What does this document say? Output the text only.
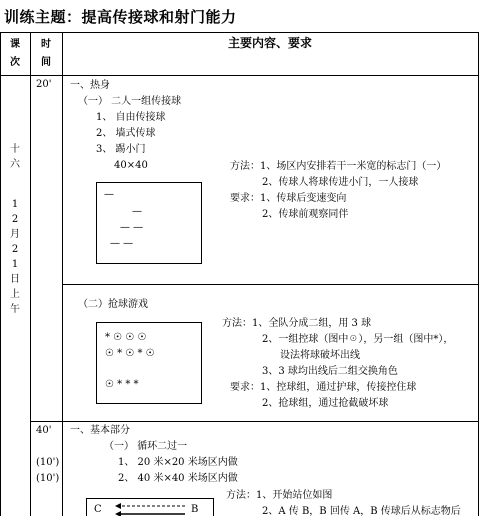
训练主题：提高传接球和射门能力
课次
时间
主要内容、要求
十
六
1
2
月
2
1
日
上
午
20' 一、热身
（一） 二人一组传接球
1、 自由传接球
2、 墙式传球
3、 踢小门
40×40
—
—
— —
— —
方法：1、场区内安排若干一米宽的标志门（一）
2、传球人将球传进小门，一人接球
要求：1、传球后变速变向
2、传球前观察同伴
（二）抢球游戏
* ☉ ☉ ☉
☉ * ☉ * ☉
☉ * * *
方法：1、全队分成二组，用 3 球
2、一组控球（图中☉），另一组（图中*），
设法将球破坏出线
3、3 球均出线后二组交换角色
要求：1、控球组，通过护球，传接控住球
2、抢球组，通过抢截破坏球
40'
(10')
(10')
一、基本部分
（一） 循环二过一
1、 20 米×20 米场区内做
2、 40 米×40 米场区内做
C	B
方法：1、开始站位如图
2、A 传 B，B 回传 A，B 传球后从标志物后
